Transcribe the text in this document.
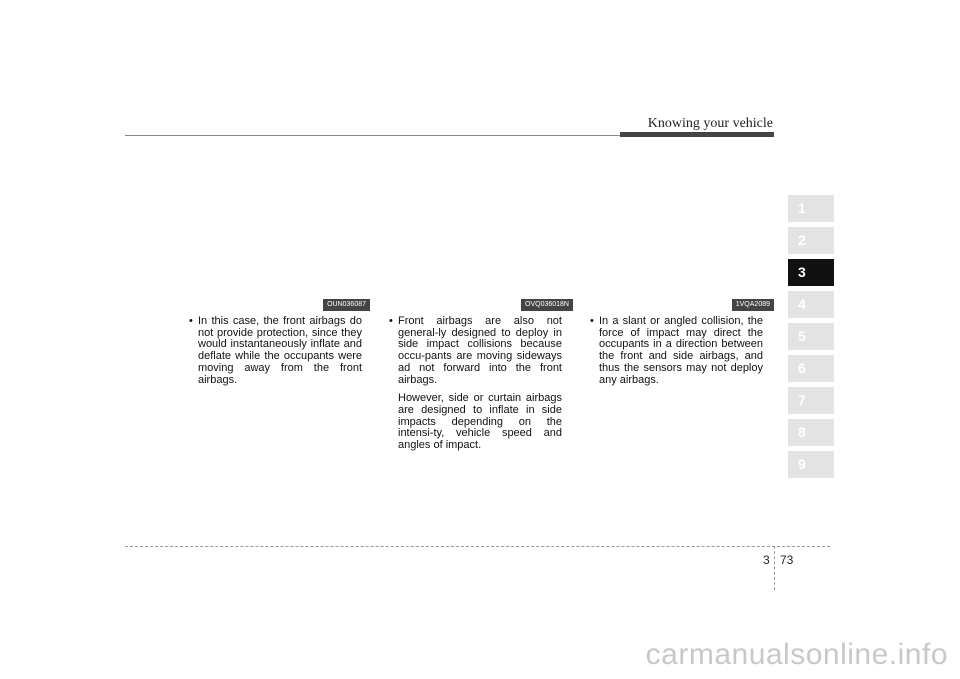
Knowing your vehicle
1
2
3
4
5
6
7
8
9
OUN036087	OVQ036018N	1VQA2089

• In this case, the front airbags do not provide protection, since they would instantaneously inflate and deflate while the occupants were moving away from the front airbags.

• Front airbags are also not general-ly designed to deploy in side impact collisions because occu-pants are moving sideways ad not forward into the front airbags.

However, side or curtain airbags are designed to inflate in side impacts depending on the intensi-ty, vehicle speed and angles of impact.

• In a slant or angled collision, the force of impact may direct the occupants in a direction between the front and side airbags, and thus the sensors may not deploy any airbags.

3 73
carmanualsonline.info
